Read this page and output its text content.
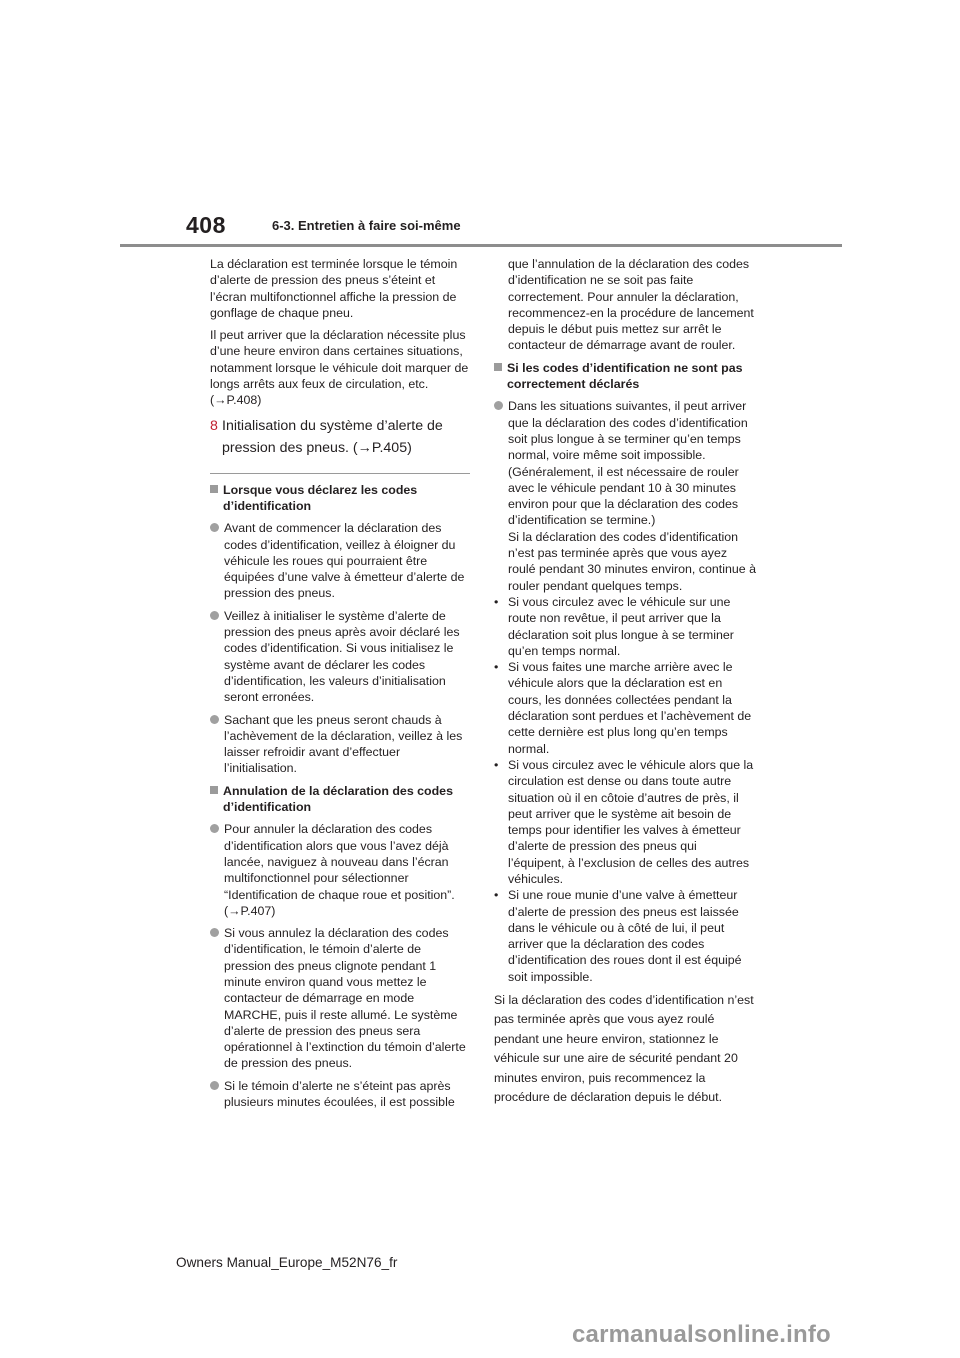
408	6-3. Entretien à faire soi-même

La déclaration est terminée lorsque le témoin d’alerte de pression des pneus s’éteint et l’écran multifonctionnel affiche la pression de gonflage de chaque pneu.

Il peut arriver que la déclaration nécessite plus d’une heure environ dans certaines situations, notamment lorsque le véhicule doit marquer de longs arrêts aux feux de circulation, etc. (→P.408)

8 Initialisation du système d’alerte de pression des pneus. (→P.405)
Lorsque vous déclarez les codes d’identification
Avant de commencer la déclaration des codes d’identification, veillez à éloigner du véhicule les roues qui pourraient être équipées d’une valve à émetteur d’alerte de pression des pneus.
Veillez à initialiser le système d’alerte de pression des pneus après avoir déclaré les codes d’identification. Si vous initialisez le système avant de déclarer les codes d’identification, les valeurs d’initialisation seront erronées.
Sachant que les pneus seront chauds à l’achèvement de la déclaration, veillez à les laisser refroidir avant d’effectuer l’initialisation.
Annulation de la déclaration des codes d’identification
Pour annuler la déclaration des codes d’identification alors que vous l’avez déjà lancée, naviguez à nouveau dans l’écran multifonctionnel pour sélectionner “Identification de chaque roue et position”. (→P.407)
Si vous annulez la déclaration des codes d’identification, le témoin d’alerte de pression des pneus clignote pendant 1 minute environ quand vous mettez le contacteur de démarrage en mode MARCHE, puis il reste allumé. Le système d’alerte de pression des pneus sera opérationnel à l’extinction du témoin d’alerte de pression des pneus.
Si le témoin d’alerte ne s’éteint pas après plusieurs minutes écoulées, il est possible

que l’annulation de la déclaration des codes d’identification ne se soit pas faite correctement. Pour annuler la déclaration, recommencez-en la procédure de lancement depuis le début puis mettez sur arrêt le contacteur de démarrage avant de rouler.

Si les codes d’identification ne sont pas correctement déclarés
Dans les situations suivantes, il peut arriver que la déclaration des codes d’identification soit plus longue à se terminer qu’en temps normal, voire même soit impossible. (Généralement, il est nécessaire de rouler avec le véhicule pendant 10 à 30 minutes environ pour que la déclaration des codes d’identification se termine.)
Si la déclaration des codes d’identification n’est pas terminée après que vous ayez roulé pendant 30 minutes environ, continue à rouler pendant quelques temps.
• Si vous circulez avec le véhicule sur une route non revêtue, il peut arriver que la déclaration soit plus longue à se terminer qu’en temps normal.
• Si vous faites une marche arrière avec le véhicule alors que la déclaration est en cours, les données collectées pendant la déclaration sont perdues et l’achèvement de cette dernière est plus long qu’en temps normal.
• Si vous circulez avec le véhicule alors que la circulation est dense ou dans toute autre situation où il en côtoie d’autres de près, il peut arriver que le système ait besoin de temps pour identifier les valves à émetteur d’alerte de pression des pneus qui l’équipent, à l’exclusion de celles des autres véhicules.
• Si une roue munie d’une valve à émetteur d’alerte de pression des pneus est laissée dans le véhicule ou à côté de lui, il peut arriver que la déclaration des codes d’identification des roues dont il est équipé soit impossible.

Si la déclaration des codes d’identification n’est pas terminée après que vous ayez roulé pendant une heure environ, stationnez le véhicule sur une aire de sécurité pendant 20 minutes environ, puis recommencez la procédure de déclaration depuis le début.

Owners Manual_Europe_M52N76_fr
carmanualsonline.info
